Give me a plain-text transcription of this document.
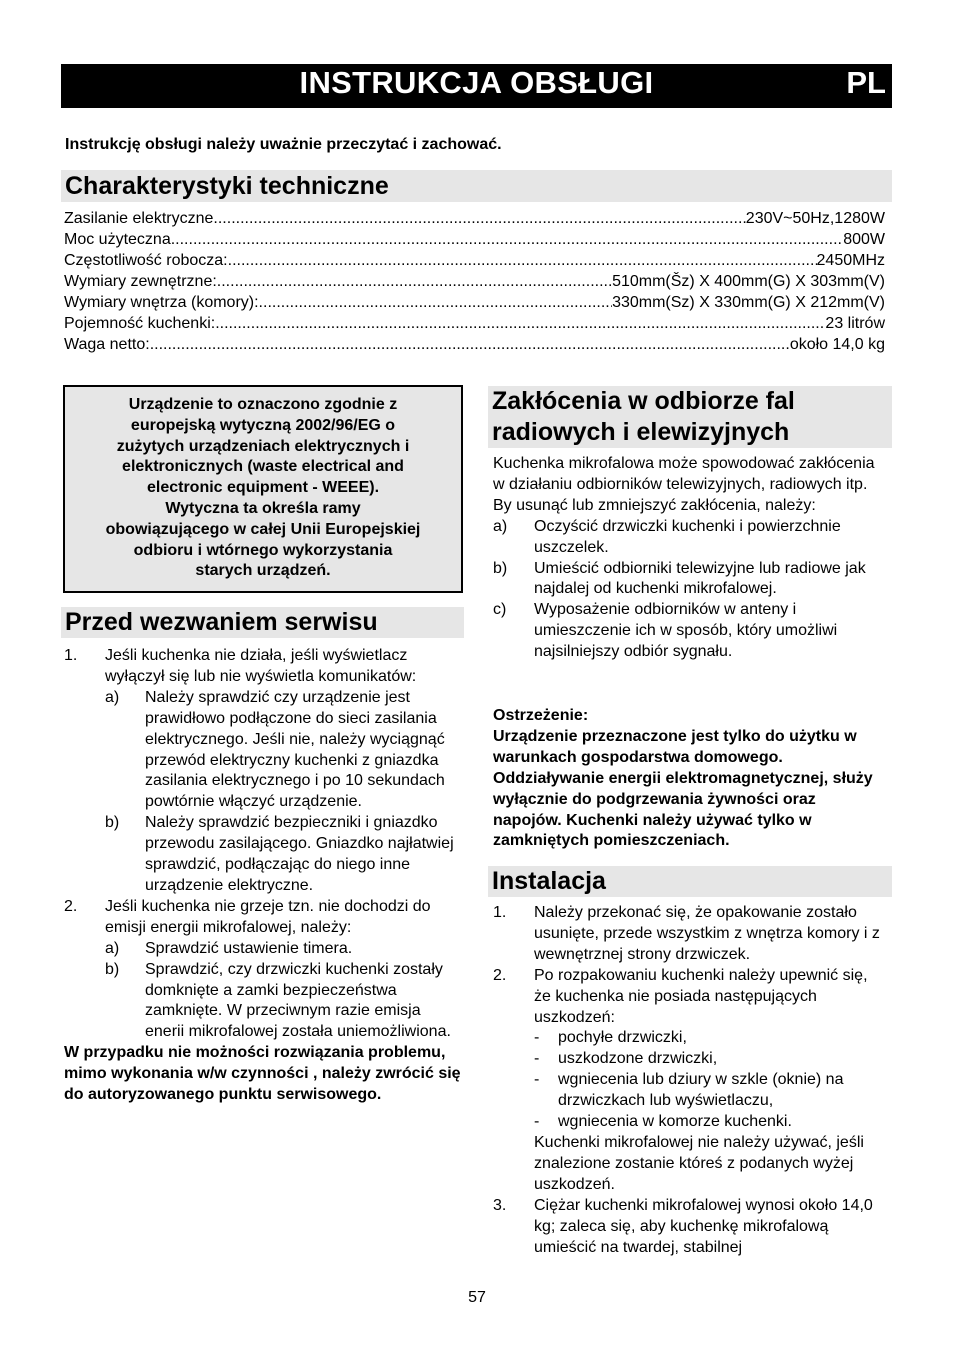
INSTRUKCJA OBSŁUGI	PL
Instrukcję obsługi należy uważnie przeczytać i zachować.
Charakterystyki techniczne
Zasilanie elektryczne .....	230V~50Hz,1280W
Moc użyteczna .....	800W
Częstotliwość robocza: .....	2450MHz
Wymiary zewnętrzne: .....	510mm(Šz) X 400mm(G) X 303mm(V)
Wymiary wnętrza (komory): .....	330mm(Sz) X 330mm(G) X 212mm(V)
Pojemność kuchenki: .....	23 litrów
Waga netto: .....	około 14,0 kg
Urządzenie to oznaczono zgodnie z
europejską wytyczną 2002/96/EG o
zużytych urządzeniach elektrycznych i
elektronicznych (waste electrical and
electronic equipment - WEEE).
Wytyczna ta określa ramy
obowiązującego w całej Unii Europejskiej
odbioru i wtórnego wykorzystania
starych urządzeń.
Przed wezwaniem serwisu
1.	Jeśli kuchenka nie działa, jeśli wyświetlacz wyłączył się lub nie wyświetla komunikatów:
a)	Należy sprawdzić czy urządzenie jest prawidłowo podłączone do sieci zasilania elektrycznego. Jeśli nie, należy wyciągnąć przewód elektryczny kuchenki z gniazdka zasilania elektrycznego i po 10 sekundach powtórnie włączyć urządzenie.
b)	Należy sprawdzić bezpieczniki i gniazdko przewodu zasilającego. Gniazdko najłatwiej sprawdzić, podłączając do niego inne urządzenie elektryczne.
2.	Jeśli kuchenka nie grzeje tzn. nie dochodzi do emisji energii mikrofalowej, należy:
a)	Sprawdzić ustawienie timera.
b)	Sprawdzić, czy drzwiczki kuchenki zostały domknięte a zamki bezpieczeństwa zamknięte. W przeciwnym razie emisja enerii mikrofalowej została uniemożliwiona.
W przypadku nie możności rozwiązania problemu, mimo wykonania w/w czynności , należy zwrócić się do autoryzowanego punktu serwisowego.
Zakłócenia w odbiorze fal
radiowych i elewizyjnych
Kuchenka mikrofalowa może spowodować zakłócenia w działaniu odbiorników telewizyjnych, radiowych itp. By usunąć lub zmniejszyć zakłócenia, należy:
a)	Oczyścić drzwiczki kuchenki i powierzchnie uszczelek.
b)	Umieścić odbiorniki telewizyjne lub radiowe jak najdalej od kuchenki mikrofalowej.
c)	Wyposażenie odbiorników w anteny i umieszczenie ich w sposób, który umożliwi najsilniejszy odbiór sygnału.
Ostrzeżenie:
Urządzenie przeznaczone jest tylko do użytku w warunkach gospodarstwa domowego. Oddziaływanie energii elektromagnetycznej, służy wyłącznie do podgrzewania żywności oraz napojów. Kuchenki należy używać tylko w zamkniętych pomieszczeniach.
Instalacja
1.	Należy przekonać się, że opakowanie zostało usunięte, przede wszystkim z wnętrza komory i z wewnętrznej strony drzwiczek.
2.	Po rozpakowaniu kuchenki należy upewnić się, że kuchenka nie posiada następujących uszkodzeń:
-	pochyłe drzwiczki,
-	uszkodzone drzwiczki,
-	wgniecenia lub dziury w szkle (oknie) na drzwiczkach lub wyświetlaczu,
-	wgniecenia w komorze kuchenki.
Kuchenki mikrofalowej nie należy używać, jeśli znalezione zostanie któreś z podanych wyżej uszkodzeń.
3.	Ciężar kuchenki mikrofalowej wynosi około 14,0 kg; zaleca się, aby kuchenkę mikrofalową umieścić na twardej, stabilnej
57
